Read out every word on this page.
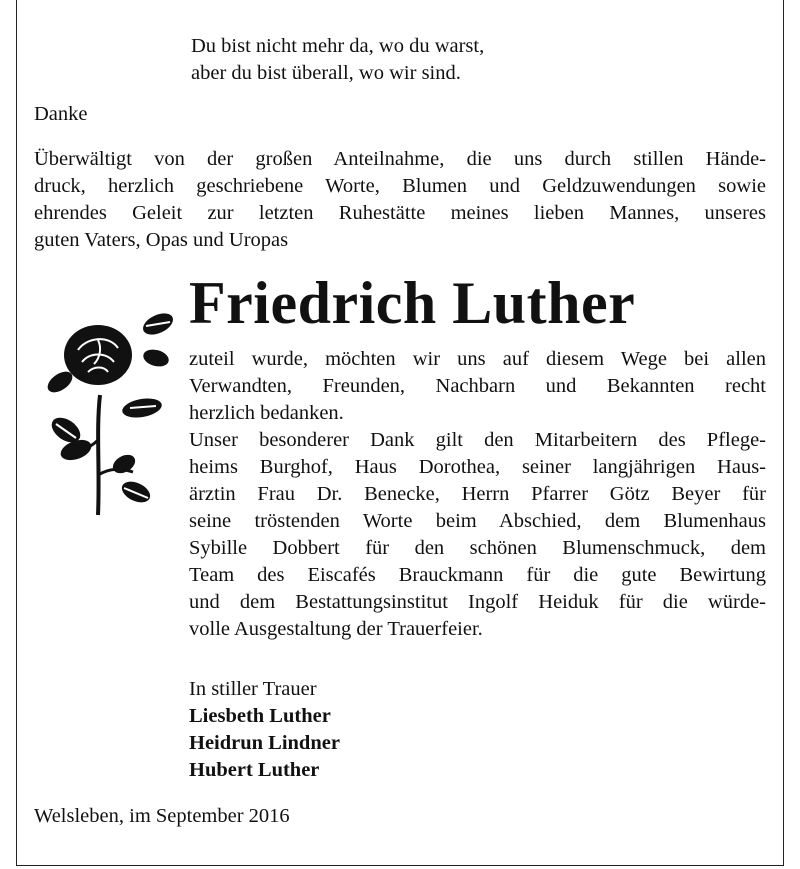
Du bist nicht mehr da, wo du warst,
aber du bist überall, wo wir sind.
Danke
Überwältigt von der großen Anteilnahme, die uns durch stillen Hände-
druck, herzlich geschriebene Worte, Blumen und Geldzuwendungen sowie
ehrendes Geleit zur letzten Ruhestätte meines lieben Mannes, unseres
guten Vaters, Opas und Uropas
Friedrich Luther
zuteil wurde, möchten wir uns auf diesem Wege bei allen
Verwandten, Freunden, Nachbarn und Bekannten recht
herzlich bedanken.
Unser besonderer Dank gilt den Mitarbeitern des Pflege-
heims Burghof, Haus Dorothea, seiner langjährigen Haus-
ärztin Frau Dr. Benecke, Herrn Pfarrer Götz Beyer für
seine tröstenden Worte beim Abschied, dem Blumenhaus
Sybille Dobbert für den schönen Blumenschmuck, dem
Team des Eiscafés Brauckmann für die gute Bewirtung
und dem Bestattungsinstitut Ingolf Heiduk für die würde-
volle Ausgestaltung der Trauerfeier.
In stiller Trauer
Liesbeth Luther
Heidrun Lindner
Hubert Luther
Welsleben, im September 2016
